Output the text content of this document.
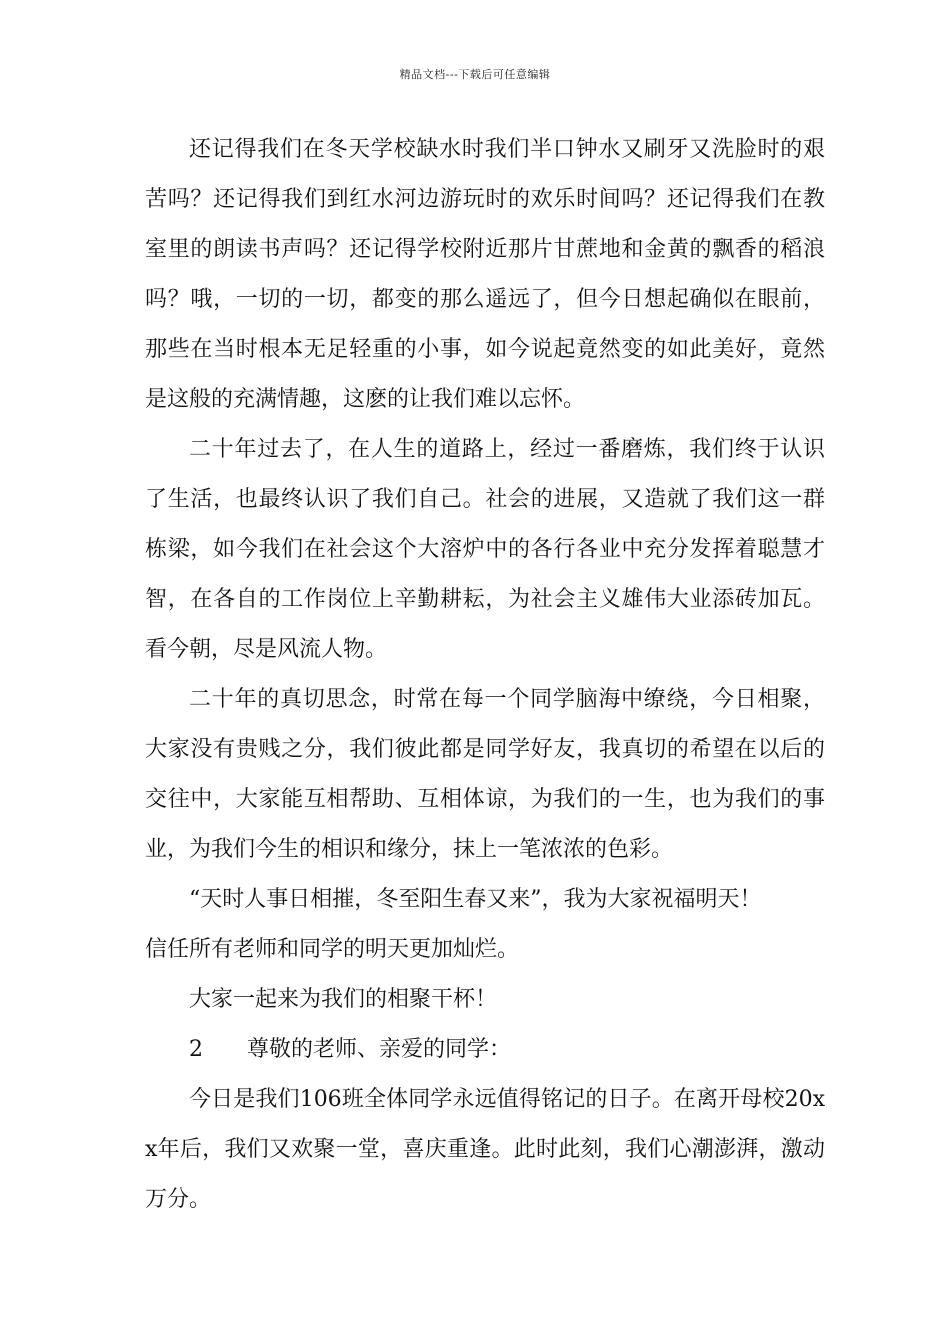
精品文档---下载后可任意编辑

还记得我们在冬天学校缺水时我们半口钟水又刷牙又洗脸时的艰苦吗？还记得我们到红水河边游玩时的欢乐时间吗？还记得我们在教室里的朗读书声吗？还记得学校附近那片甘蔗地和金黄的飘香的稻浪吗？哦，一切的一切，都变的那么遥远了，但今日想起确似在眼前，那些在当时根本无足轻重的小事，如今说起竟然变的如此美好，竟然是这般的充满情趣，这麽的让我们难以忘怀。

二十年过去了，在人生的道路上，经过一番磨炼，我们终于认识了生活，也最终认识了我们自己。社会的进展，又造就了我们这一群栋梁，如今我们在社会这个大溶炉中的各行各业中充分发挥着聪慧才智，在各自的工作岗位上辛勤耕耘，为社会主义雄伟大业添砖加瓦。看今朝，尽是风流人物。

二十年的真切思念，时常在每一个同学脑海中缭绕，今日相聚，大家没有贵贱之分，我们彼此都是同学好友，我真切的希望在以后的交往中，大家能互相帮助、互相体谅，为我们的一生，也为我们的事业，为我们今生的相识和缘分，抹上一笔浓浓的色彩。

“天时人事日相摧，冬至阳生春又来”，我为大家祝福明天！
信任所有老师和同学的明天更加灿烂。
大家一起来为我们的相聚干杯！
2 尊敬的老师、亲爱的同学：

今日是我们106班全体同学永远值得铭记的日子。在离开母校20xx年后，我们又欢聚一堂，喜庆重逢。此时此刻，我们心潮澎湃，激动万分。
